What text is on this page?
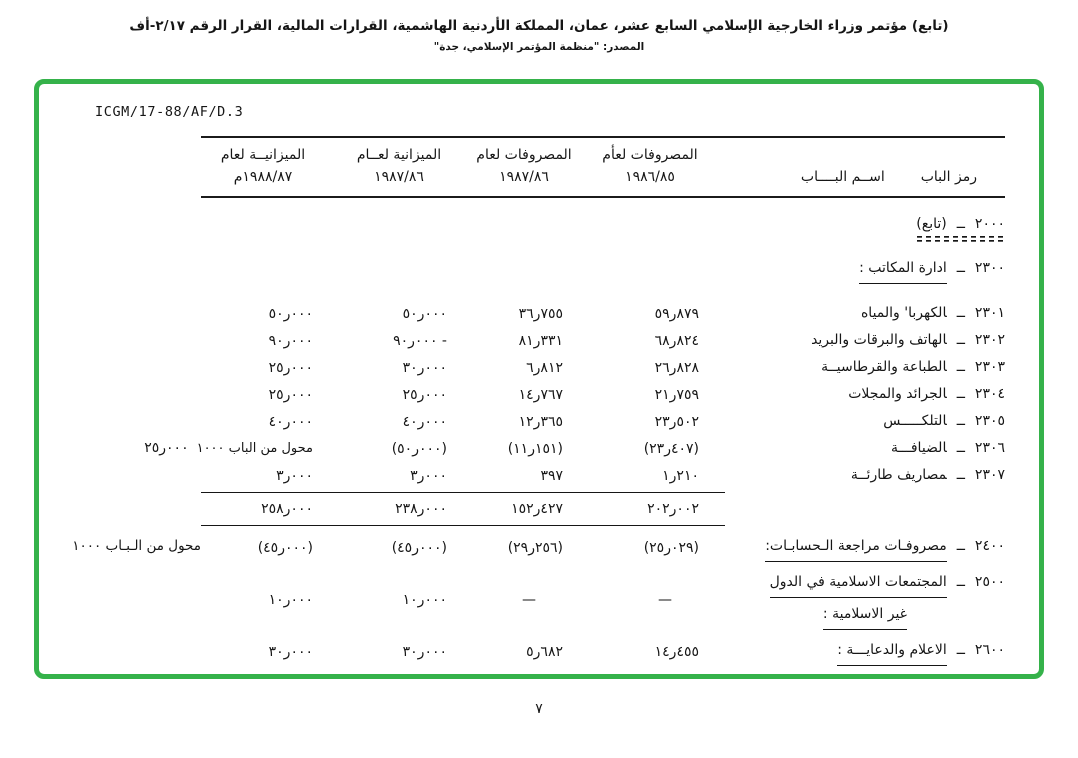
(تابع) مؤتمر وزراء الخارجية الإسلامي السابع عشر، عمان، المملكة الأردنية الهاشمية، القرارات المالية، القرار الرقم ٢/١٧-أف
المصدر: "منظمة المؤتمر الإسلامي، جدة"
ICGM/17-88/AF/D.3
رمز الباب
اســم البــــاب
المصروفات لعأم
١٩٨٦/٨٥
المصروفات لعام
١٩٨٧/٨٦
الميزانية لعــام
١٩٨٧/٨٦
الميزانيــة لعام
م١٩٨٨/٨٧
٢٠٠٠ــ(تابع)
٢٣٠٠ــادارة المكاتب :
٢٣٠١ــالكهربا' والمياه
٥٩ر٨٧٩
٣٦ر٧٥٥
٥٠ر٠٠٠
٥٠ر٠٠٠
٢٣٠٢ــالهاتف والبرقات والبريد
٦٨ر٨٢٤
٨١ر٣٣١
٩٠ر٠٠٠ -
٩٠ر٠٠٠
٢٣٠٣ــالطباعة والقرطاسيــة
٢٦ر٨٢٨
٦ر٨١٢
٣٠ر٠٠٠
٢٥ر٠٠٠
٢٣٠٤ــالجرائد والمجلات
٢١ر٧٥٩
١٤ر٧٦٧
٢٥ر٠٠٠
٢٥ر٠٠٠
٢٣٠٥ــالتلكـــــس
٢٣ر٥٠٢
١٢ر٣٦٥
٤٠ر٠٠٠
٤٠ر٠٠٠
٢٣٠٦ــالضيافـــة
(٢٣ر٤٠٧)
(١١ر١٥١)
(٥٠ر٠٠٠)
محول من الباب ١٠٠٠٢٥ر٠٠٠
٢٣٠٧ــمصاريف طارئــة
١ر٢١٠
٣٩٧
٣ر٠٠٠
٣ر٠٠٠
٢٠٢ر٠٠٢
١٥٢ر٤٢٧
٢٣٨ر٠٠٠
٢٥٨ر٠٠٠
٢٤٠٠ــمصروفـات مراجعة الـحسابـات:
(٢٥ر٠٢٩)
(٢٩ر٢٥٦)
(٤٥ر٠٠٠)
(٤٥ر٠٠٠)
محول من الـبـاب ١٠٠٠
٢٥٠٠ــالمجتمعات الاسلامية في الدول
غير الاسلامية :
—
—
١٠ر٠٠٠
١٠ر٠٠٠
٢٦٠٠ــالاعلام والدعايـــة :
١٤ر٤٥٥
٥ر٦٨٢
٣٠ر٠٠٠
٣٠ر٠٠٠
٧
